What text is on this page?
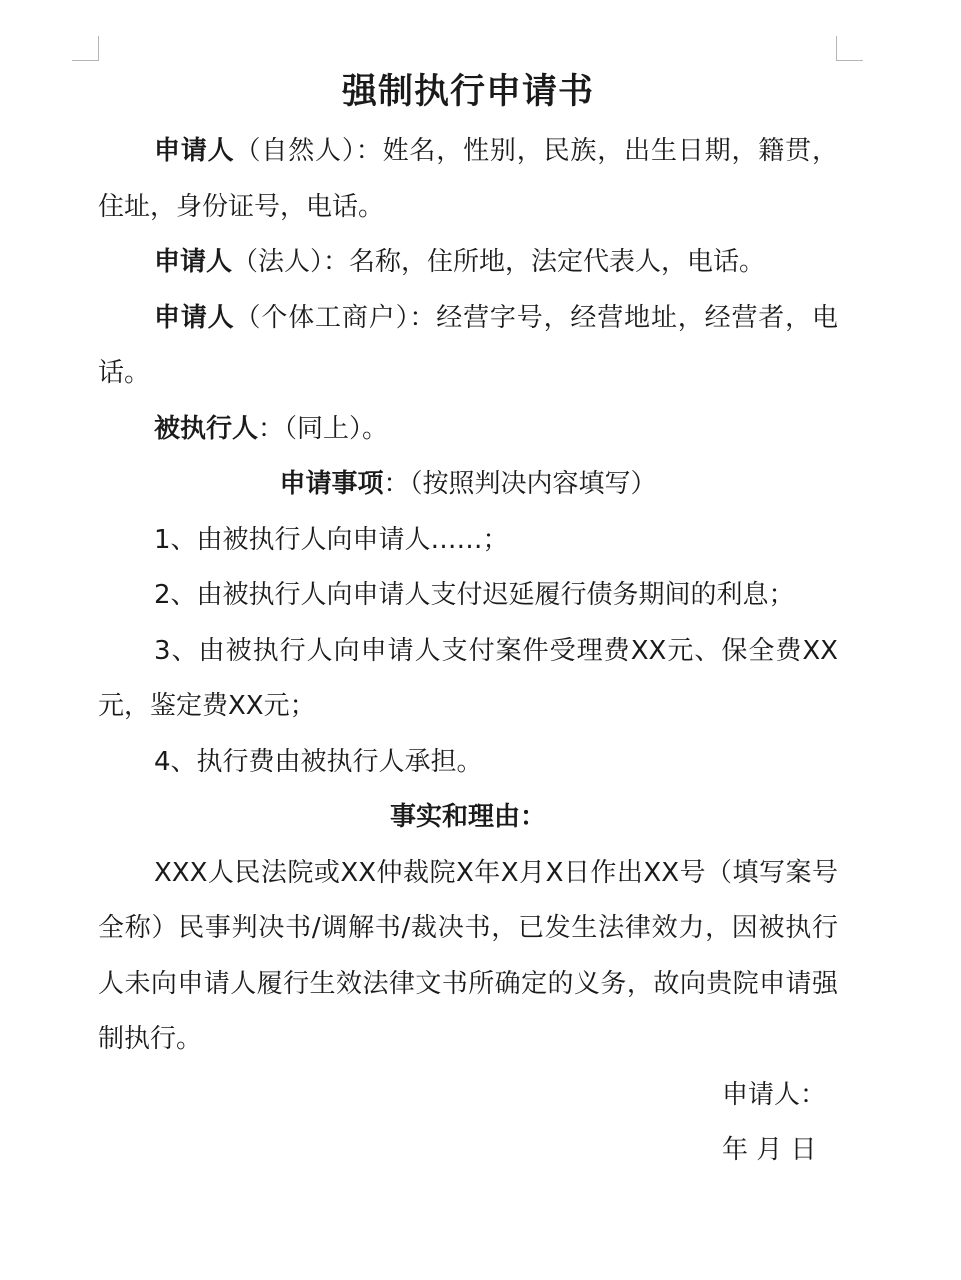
强制执行申请书

申请人（自然人）：姓名，性别，民族，出生日期，籍贯，住址，身份证号，电话。

申请人（法人）：名称，住所地，法定代表人，电话。

申请人（个体工商户）：经营字号，经营地址，经营者，电话。

被执行人：（同上）。

申请事项：（按照判决内容填写）

1、由被执行人向申请人……；

2、由被执行人向申请人支付迟延履行债务期间的利息；

3、由被执行人向申请人支付案件受理费XX元、保全费XX元，鉴定费XX元；

4、执行费由被执行人承担。

事实和理由：

XXX人民法院或XX仲裁院X年X月X日作出XX号（填写案号全称）民事判决书/调解书/裁决书，已发生法律效力，因被执行人未向申请人履行生效法律文书所确定的义务，故向贵院申请强制执行。

申请人：

年 月 日
